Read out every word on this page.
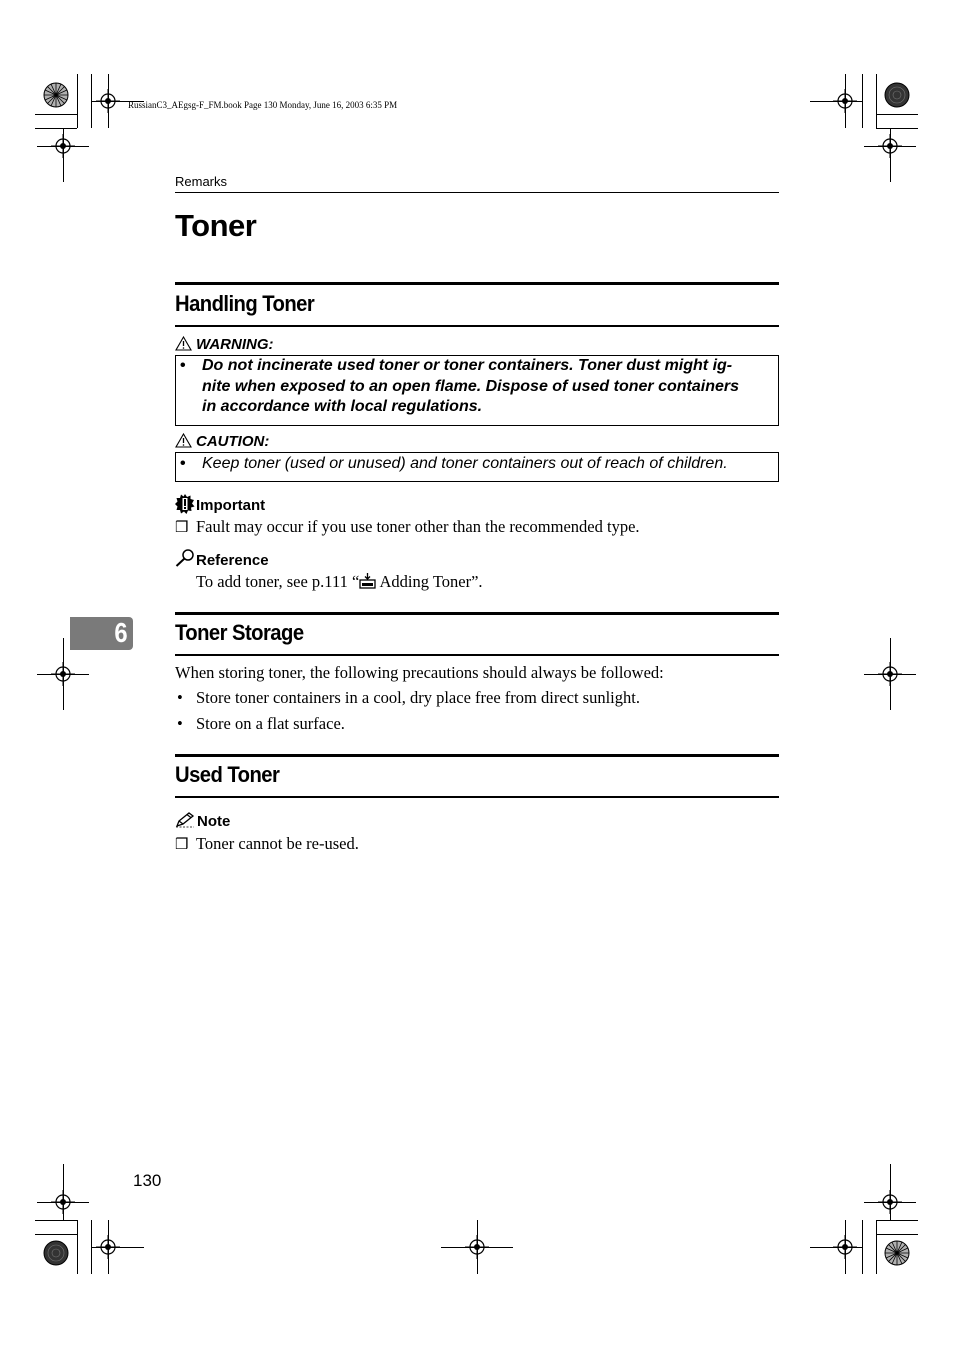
RussianC3_AEgsg-F_FM.book Page 130 Monday, June 16, 2003 6:35 PM
Remarks
Toner
6
Handling Toner
WARNING:
• Do not incinerate used toner or toner containers. Toner dust might ig-
nite when exposed to an open flame. Dispose of used toner containers
in accordance with local regulations.
CAUTION:
• Keep toner (used or unused) and toner containers out of reach of children.
Important
❒ Fault may occur if you use toner other than the recommended type.
Reference
To add toner, see p.111 “ Adding Toner”.
Toner Storage
When storing toner, the following precautions should always be followed:
• Store toner containers in a cool, dry place free from direct sunlight.
• Store on a flat surface.
Used Toner
Note
❒ Toner cannot be re-used.
130
